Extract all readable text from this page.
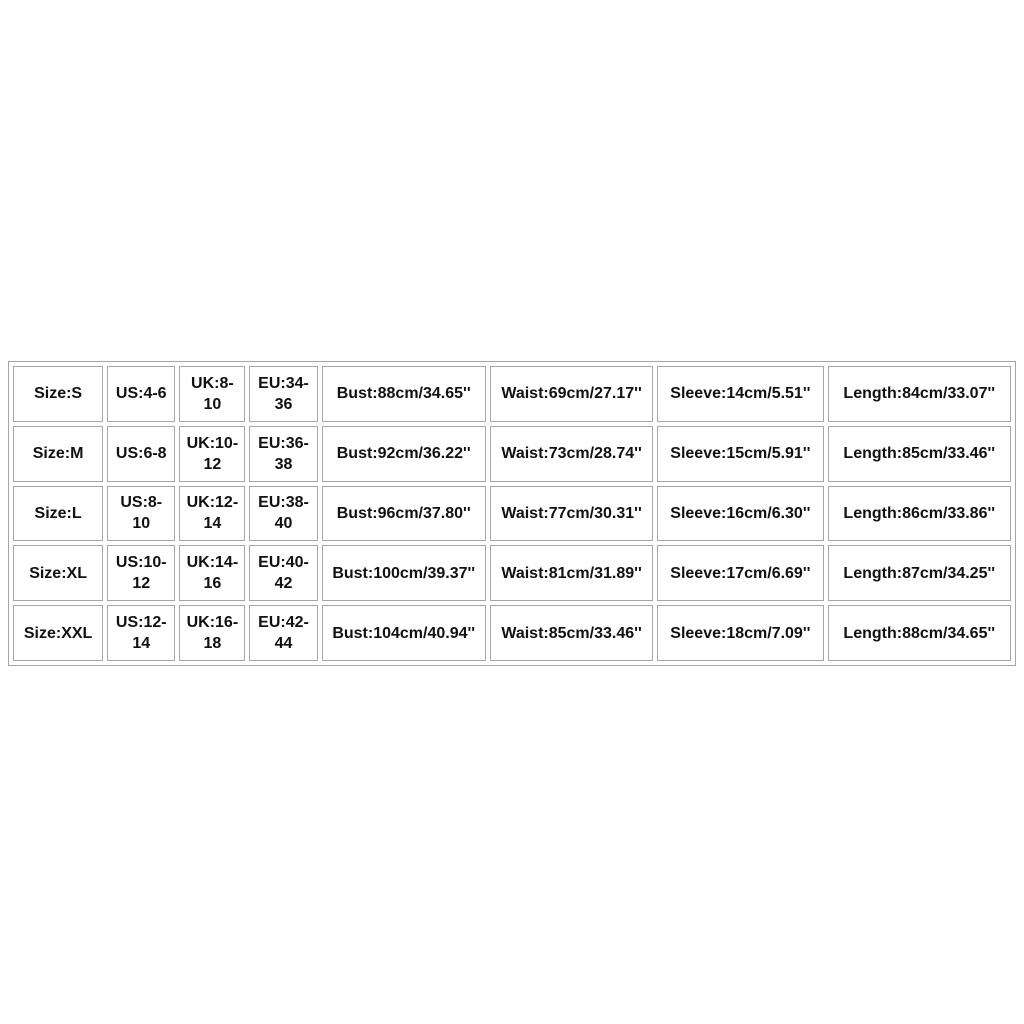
Size:S	US:4-6	UK:8-
10	EU:34-
36	Bust:88cm/34.65''	Waist:69cm/27.17''	Sleeve:14cm/5.51''	Length:84cm/33.07''
Size:M	US:6-8	UK:10-
12	EU:36-
38	Bust:92cm/36.22''	Waist:73cm/28.74''	Sleeve:15cm/5.91''	Length:85cm/33.46''
Size:L	US:8-
10	UK:12-
14	EU:38-
40	Bust:96cm/37.80''	Waist:77cm/30.31''	Sleeve:16cm/6.30''	Length:86cm/33.86''
Size:XL	US:10-
12	UK:14-
16	EU:40-
42	Bust:100cm/39.37''	Waist:81cm/31.89''	Sleeve:17cm/6.69''	Length:87cm/34.25''
Size:XXL	US:12-
14	UK:16-
18	EU:42-
44	Bust:104cm/40.94''	Waist:85cm/33.46''	Sleeve:18cm/7.09''	Length:88cm/34.65''
